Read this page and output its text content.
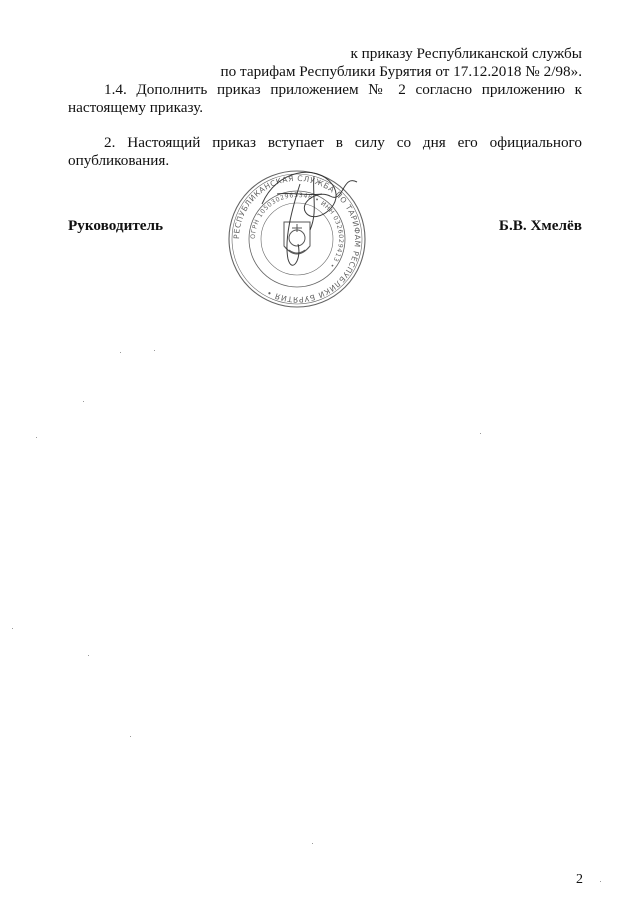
к приказу Республиканской службы
по тарифам Республики Бурятия от 17.12.2018 № 2/98».
1.4. Дополнить приказ приложением № 2 согласно приложению к
настоящему приказу.
2. Настоящий приказ вступает в силу со дня его официального
опубликования.
Руководитель	Б.В. Хмелёв
РЕСПУБЛИКАНСКАЯ СЛУЖБА ПО ТАРИФАМ РЕСПУБЛИКИ БУРЯТИЯ •
ОГРН 1050302963346 • ИНН 0326029413 •
2
